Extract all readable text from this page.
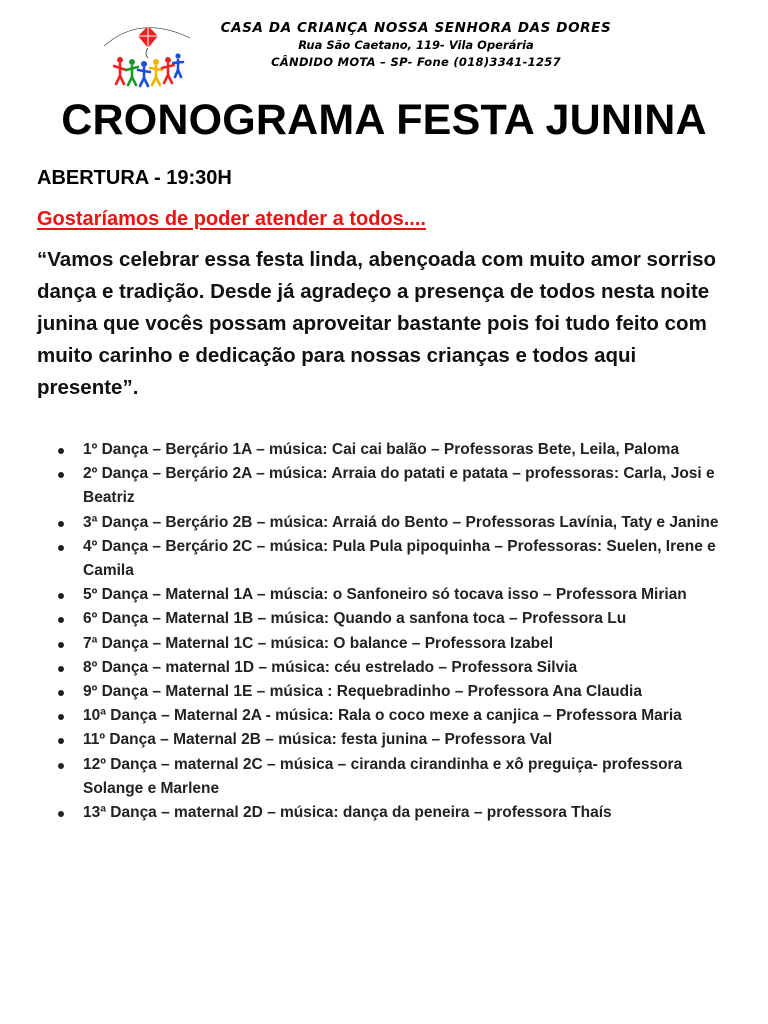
CASA DA CRIANÇA NOSSA SENHORA DAS DORES
Rua São Caetano, 119- Vila Operária
CÂNDIDO MOTA – SP- Fone (018)3341-1257
CRONOGRAMA FESTA JUNINA

ABERTURA - 19:30H

Gostaríamos de poder atender a todos....

“Vamos celebrar essa festa linda, abençoada com muito amor sorriso dança e tradição. Desde já agradeço a presença de todos nesta noite junina que vocês possam aproveitar bastante pois foi tudo feito com muito carinho e dedicação para nossas crianças e todos aqui presente”.

1º Dança – Berçário 1A – música: Cai cai balão – Professoras Bete, Leila, Paloma
2º Dança – Berçário 2A – música: Arraia do patati e patata – professoras: Carla, Josi e Beatriz
3ª Dança – Berçário 2B – música: Arraiá do Bento – Professoras Lavínia, Taty e Janine
4º Dança – Berçário 2C – música: Pula Pula pipoquinha – Professoras: Suelen, Irene e Camila
5º Dança – Maternal 1A – múscia: o Sanfoneiro só tocava isso – Professora Mirian
6º Dança – Maternal 1B – música: Quando a sanfona toca – Professora Lu
7ª Dança – Maternal 1C – música: O balance – Professora Izabel
8º Dança – maternal 1D – música: céu estrelado – Professora Silvia
9º Dança – Maternal 1E – música : Requebradinho – Professora Ana Claudia
10ª Dança – Maternal 2A - música: Rala o coco mexe a canjica – Professora Maria
11º Dança – Maternal 2B – música: festa junina – Professora Val
12º Dança – maternal 2C – música – ciranda cirandinha e xô preguiça- professora Solange e Marlene
13ª Dança – maternal 2D – música: dança da peneira – professora Thaís
